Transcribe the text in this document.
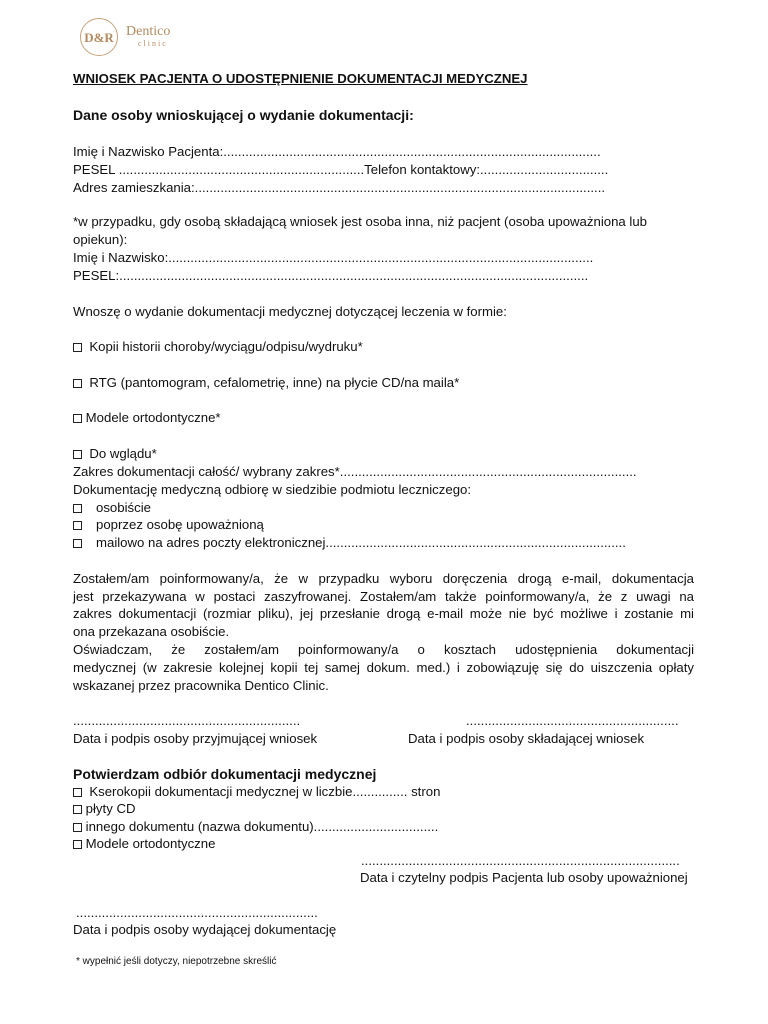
D&R Dentico
clinic
WNIOSEK PACJENTA O UDOSTĘPNIENIE DOKUMENTACJI MEDYCZNEJ
Dane osoby wnioskującej o wydanie dokumentacji:
Imię i Nazwisko Pacjenta:.......................................................................................................
PESEL ...................................................................Telefon kontaktowy:...................................
Adres zamieszkania:................................................................................................................
*w przypadku, gdy osobą składającą wniosek jest osoba inna, niż pacjent (osoba upoważniona lub
opiekun):
Imię i Nazwisko:....................................................................................................................
PESEL:................................................................................................................................
Wnoszę o wydanie dokumentacji medycznej dotyczącej leczenia w formie:
Kopii historii choroby/wyciągu/odpisu/wydruku*
RTG (pantomogram, cefalometrię, inne) na płycie CD/na maila*
Modele ortodontyczne*
Do wglądu*
Zakres dokumentacji całość/ wybrany zakres*.................................................................................
Dokumentację medyczną odbiorę w siedzibie podmiotu leczniczego:
osobiście
poprzez osobę upoważnioną
mailowo na adres poczty elektronicznej..................................................................................
Zostałem/am poinformowany/a, że w przypadku wyboru doręczenia drogą e-mail, dokumentacja
jest przekazywana w postaci zaszyfrowanej. Zostałem/am także poinformowany/a, że z uwagi na
zakres dokumentacji (rozmiar pliku), jej przesłanie drogą e-mail może nie być możliwe i zostanie mi
ona przekazana osobiście.
Oświadczam, że zostałem/am poinformowany/a o kosztach udostępnienia dokumentacji
medycznej (w zakresie kolejnej kopii tej samej dokum. med.) i zobowiązuję się do uiszczenia opłaty
wskazanej przez pracownika Dentico Clinic.
..............................................................	..........................................................
Data i podpis osoby przyjmującej wniosek	Data i podpis osoby składającej wniosek
Potwierdzam odbiór dokumentacji medycznej
Kserokopii dokumentacji medycznej w liczbie............... stron
płyty CD
innego dokumentu (nazwa dokumentu)..................................
Modele ortodontyczne
.......................................................................................
Data i czytelny podpis Pacjenta lub osoby upoważnionej
..................................................................
Data i podpis osoby wydającej dokumentację
* wypełnić jeśli dotyczy, niepotrzebne skreślić
